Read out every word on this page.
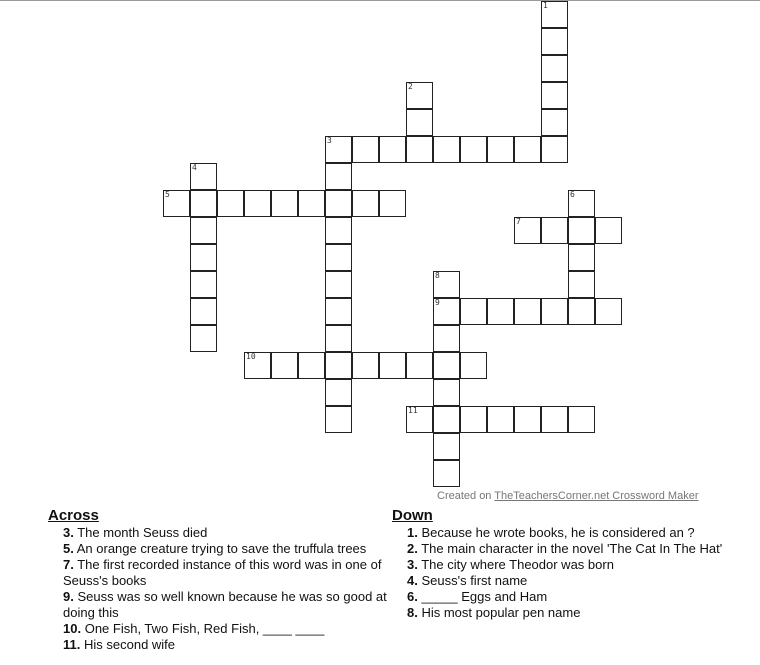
1
2
3
4
5	6
7
8
9
10
11
Created on TheTeachersCorner.net Crossword Maker
Across
3. The month Seuss died
5. An orange creature trying to save the truffula trees
7. The first recorded instance of this word was in one of Seuss's books
9. Seuss was so well known because he was so good at doing this
10. One Fish, Two Fish, Red Fish, ____ ____
11. His second wife
Down
1. Because he wrote books, he is considered an ?
2. The main character in the novel 'The Cat In The Hat'
3. The city where Theodor was born
4. Seuss's first name
6. _____ Eggs and Ham
8. His most popular pen name
